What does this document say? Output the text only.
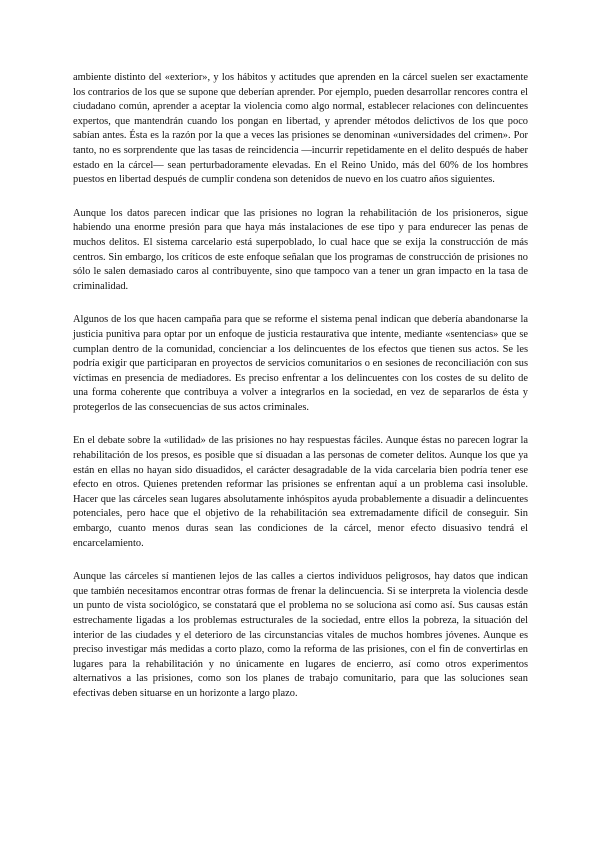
ambiente distinto del «exterior», y los hábitos y actitudes que aprenden en la cárcel suelen ser exactamente los contrarios de los que se supone que deberían aprender. Por ejemplo, pueden desarrollar rencores contra el ciudadano común, aprender a aceptar la violencia como algo normal, establecer relaciones con delincuentes expertos, que mantendrán cuando los pongan en libertad, y aprender métodos delictivos de los que poco sabían antes. Ésta es la razón por la que a veces las prisiones se denominan «universidades del crimen». Por tanto, no es sorprendente que las tasas de reincidencia —incurrir repetidamente en el delito después de haber estado en la cárcel— sean perturbadoramente elevadas. En el Reino Unido, más del 60% de los hombres puestos en libertad después de cumplir condena son detenidos de nuevo en los cuatro años siguientes.

Aunque los datos parecen indicar que las prisiones no logran la rehabilitación de los prisioneros, sigue habiendo una enorme presión para que haya más instalaciones de ese tipo y para endurecer las penas de muchos delitos. El sistema carcelario está superpoblado, lo cual hace que se exija la construcción de más centros. Sin embargo, los críticos de este enfoque señalan que los programas de construcción de prisiones no sólo le salen demasiado caros al contribuyente, sino que tampoco van a tener un gran impacto en la tasa de criminalidad.

Algunos de los que hacen campaña para que se reforme el sistema penal indican que debería abandonarse la justicia punitiva para optar por un enfoque de justicia restaurativa que intente, mediante «sentencias» que se cumplan dentro de la comunidad, concienciar a los delincuentes de los efectos que tienen sus actos. Se les podría exigir que participaran en proyectos de servicios comunitarios o en sesiones de reconciliación con sus víctimas en presencia de mediadores. Es preciso enfrentar a los delincuentes con los costes de su delito de una forma coherente que contribuya a volver a integrarlos en la sociedad, en vez de separarlos de ésta y protegerlos de las consecuencias de sus actos criminales.

En el debate sobre la «utilidad» de las prisiones no hay respuestas fáciles. Aunque éstas no parecen lograr la rehabilitación de los presos, es posible que sí disuadan a las personas de cometer delitos. Aunque los que ya están en ellas no hayan sido disuadidos, el carácter desagradable de la vida carcelaria bien podría tener ese efecto en otros. Quienes pretenden reformar las prisiones se enfrentan aquí a un problema casi insoluble. Hacer que las cárceles sean lugares absolutamente inhóspitos ayuda probablemente a disuadir a delincuentes potenciales, pero hace que el objetivo de la rehabilitación sea extremadamente difícil de conseguir. Sin embargo, cuanto menos duras sean las condiciones de la cárcel, menor efecto disuasivo tendrá el encarcelamiento.

Aunque las cárceles sí mantienen lejos de las calles a ciertos individuos peligrosos, hay datos que indican que también necesitamos encontrar otras formas de frenar la delincuencia. Si se interpreta la violencia desde un punto de vista sociológico, se constatará que el problema no se soluciona así como así. Sus causas están estrechamente ligadas a los problemas estructurales de la sociedad, entre ellos la pobreza, la situación del interior de las ciudades y el deterioro de las circunstancias vitales de muchos hombres jóvenes. Aunque es preciso investigar más medidas a corto plazo, como la reforma de las prisiones, con el fin de convertirlas en lugares para la rehabilitación y no únicamente en lugares de encierro, así como otros experimentos alternativos a las prisiones, como son los planes de trabajo comunitario, para que las soluciones sean efectivas deben situarse en un horizonte a largo plazo.
